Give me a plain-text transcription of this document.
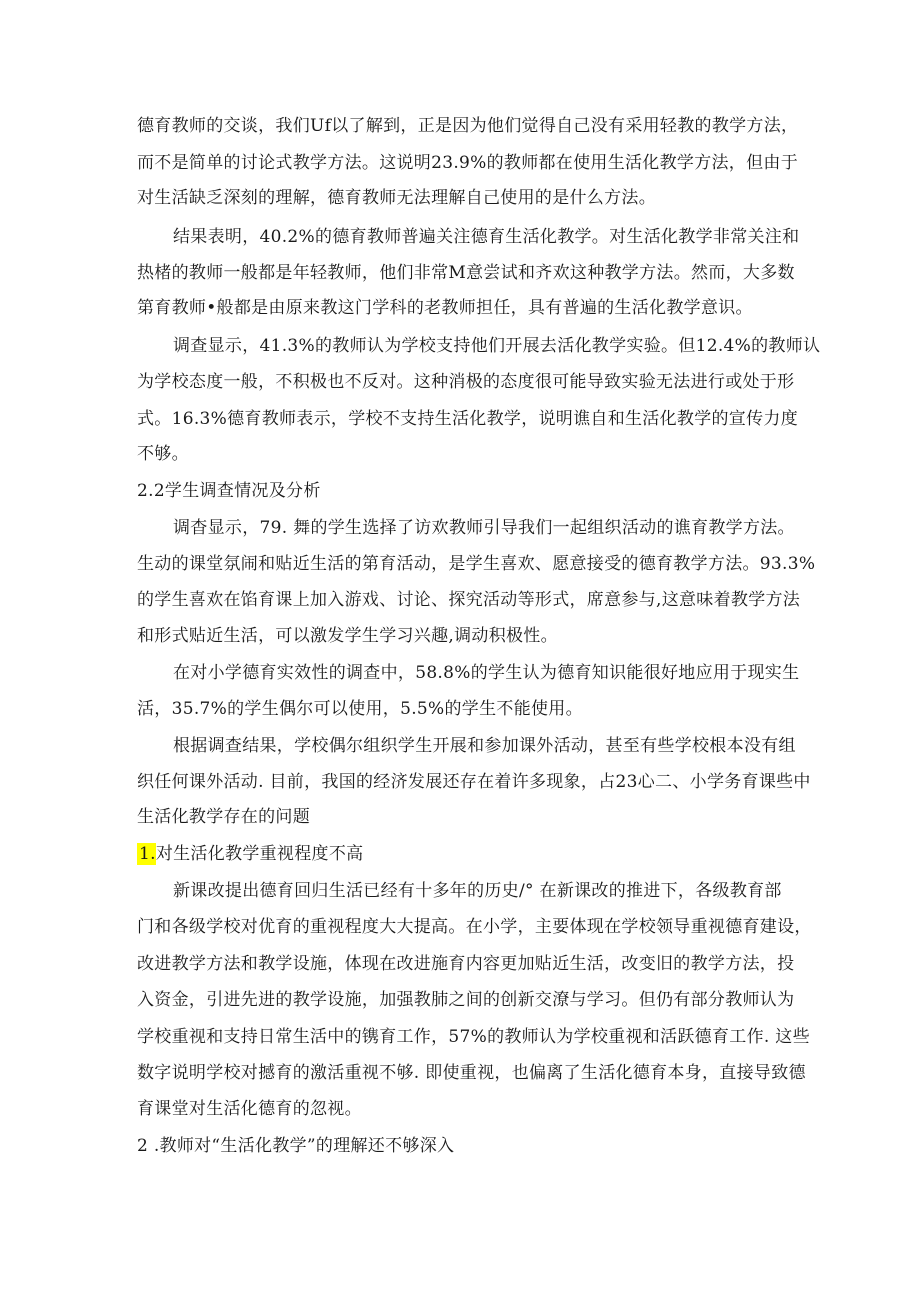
德育教师的交谈，我们Uf以了解到，正是因为他们觉得自己没有采用轻教的教学方法，
而不是简单的讨论式教学方法。这说明23.9%的教师都在使用生活化教学方法，但由于
对生活缺乏深刻的理解，德育教师无法理解自己使用的是什么方法。
结果表明，40.2%的德育教师普遍关注德育生活化教学。对生活化教学非常关注和
热楮的教师一般都是年轻教师，他们非常M意尝试和齐欢这种教学方法。然而，大多数
第育教师•般都是由原来教这门学科的老教师担任，具有普遍的生活化教学意识。
调查显示，41.3%的教师认为学校支持他们开展去活化教学实验。但12.4%的教师认
为学校态度一般，不积极也不反对。这种消极的态度很可能导致实验无法进行或处于形
式。16.3%德育教师表示，学校不支持生活化教学，说明谯自和生活化教学的宣传力度
不够。
2.2学生调查情况及分析
调杳显示，79. 舞的学生选择了访欢教师引导我们一起组织活动的谯育教学方法。
生动的课堂氛闹和贴近生活的第育活动，是学生喜欢、愿意接受的德育教学方法。93.3%
的学生喜欢在馅育课上加入游戏、讨论、探究活动等形式，席意参与,这意味着教学方法
和形式贴近生活，可以激发学生学习兴趣,调动积极性。
在对小学德育实效性的调查中，58.8%的学生认为德育知识能很好地应用于现实生
活，35.7%的学生偶尔可以使用，5.5%的学生不能使用。
根据调查结果，学校偶尔组织学生开展和参加课外活动，甚至有些学校根本没有组
织任何课外活动. 目前，我国的经济发展还存在着许多现象，占23心二、小学务育课些中
生活化教学存在的问题
1.对生活化教学重视程度不高
新课改提出德育回归生活已经有十多年的历史/° 在新课改的推进下，各级教育部
门和各级学校对优育的重视程度大大提高。在小学，主要体现在学校领导重视德育建设，
改进教学方法和教学设施，体现在改进施育内容更加贴近生活，改变旧的教学方法，投
入资金，引进先进的教学设施，加强教肺之间的创新交潦与学习。但仍有部分教师认为
学校重视和支持日常生活中的镌育工作，57%的教师认为学校重视和活跃德育工作. 这些
数字说明学校对撼育的激活重视不够. 即使重视，也偏离了生活化德育本身，直接导致德
育课堂对生活化德育的忽视。
2 .教师对“生活化教学”的理解还不够深入
